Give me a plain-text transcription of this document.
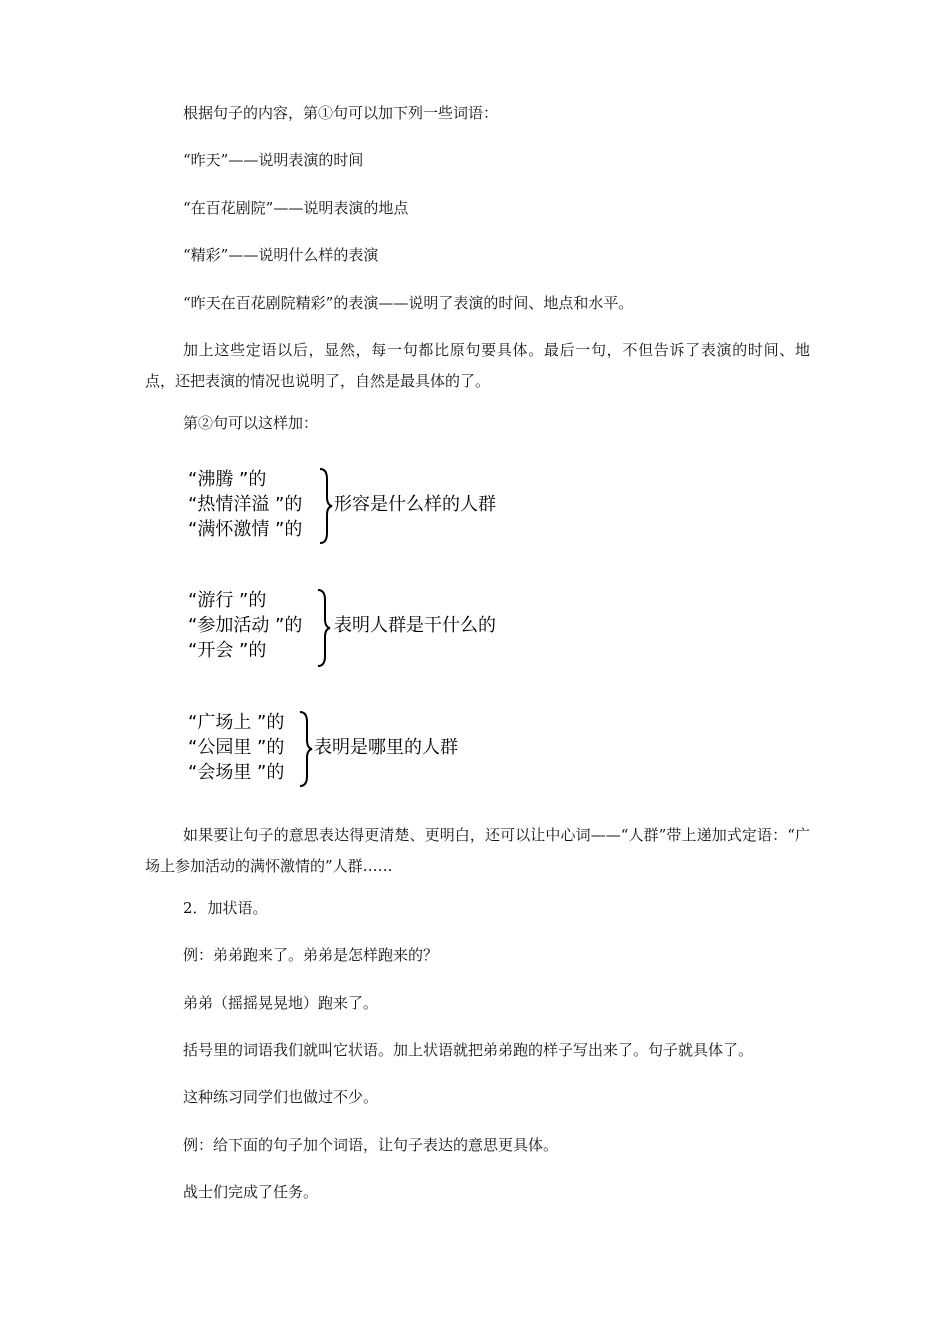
根据句子的内容，第①句可以加下列一些词语：
“昨天”——说明表演的时间
“在百花剧院”——说明表演的地点
“精彩”——说明什么样的表演
“昨天在百花剧院精彩”的表演——说明了表演的时间、地点和水平。
加上这些定语以后，显然，每一句都比原句要具体。最后一句，不但告诉了表演的时间、地点，还把表演的情况也说明了，自然是最具体的了。
第②句可以这样加：
“沸腾 ”的
“热情洋溢 ”的
“满怀激情 ”的
形容是什么样的人群
“游行 ”的
“参加活动 ”的
“开会 ”的
表明人群是干什么的
“广场上 ”的
“公园里 ”的
“会场里 ”的
表明是哪里的人群
如果要让句子的意思表达得更清楚、更明白，还可以让中心词——“人群”带上递加式定语：“广场上参加活动的满怀激情的”人群……
2．加状语。
例：弟弟跑来了。弟弟是怎样跑来的？
弟弟（摇摇晃晃地）跑来了。
括号里的词语我们就叫它状语。加上状语就把弟弟跑的样子写出来了。句子就具体了。
这种练习同学们也做过不少。
例：给下面的句子加个词语，让句子表达的意思更具体。
战士们完成了任务。
